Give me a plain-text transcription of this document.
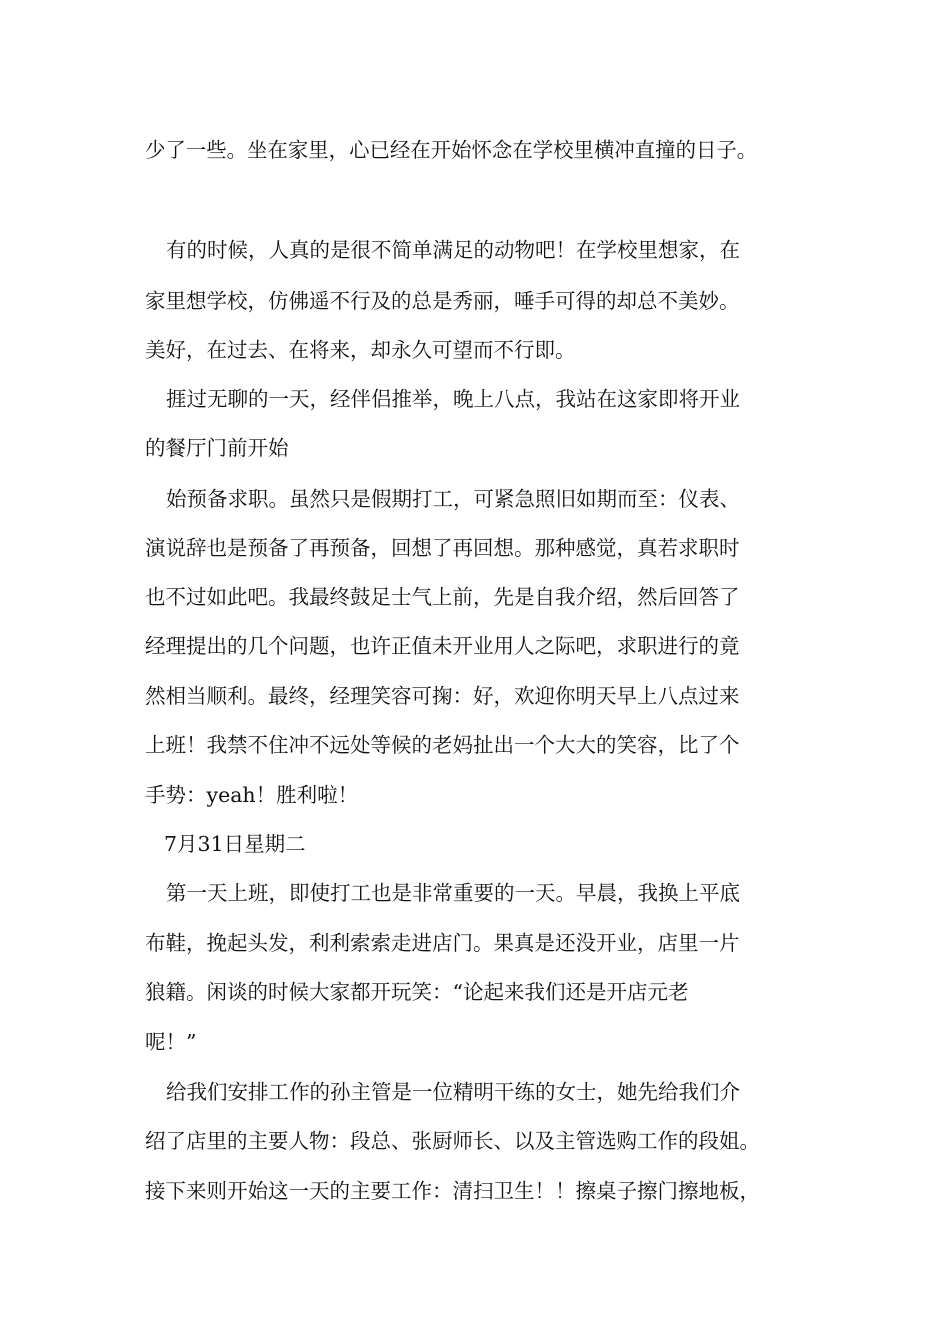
少了一些。坐在家里，心已经在开始怀念在学校里横冲直撞的日子。

有的时候，人真的是很不简单满足的动物吧！在学校里想家，在

家里想学校，仿佛遥不行及的总是秀丽，唾手可得的却总不美妙。

美好，在过去、在将来，却永久可望而不行即。

捱过无聊的一天，经伴侣推举，晚上八点，我站在这家即将开业

的餐厅门前开始

始预备求职。虽然只是假期打工，可紧急照旧如期而至：仪表、

演说辞也是预备了再预备，回想了再回想。那种感觉，真若求职时

也不过如此吧。我最终鼓足士气上前，先是自我介绍，然后回答了

经理提出的几个问题，也许正值未开业用人之际吧，求职进行的竟

然相当顺利。最终，经理笑容可掬：好，欢迎你明天早上八点过来

上班！我禁不住冲不远处等候的老妈扯出一个大大的笑容，比了个

手势：yeah！胜利啦！

7月31日星期二

第一天上班，即使打工也是非常重要的一天。早晨，我换上平底

布鞋，挽起头发，利利索索走进店门。果真是还没开业，店里一片

狼籍。闲谈的时候大家都开玩笑：“论起来我们还是开店元老

呢！”

给我们安排工作的孙主管是一位精明干练的女士，她先给我们介

绍了店里的主要人物：段总、张厨师长、以及主管选购工作的段姐。

接下来则开始这一天的主要工作：清扫卫生！！擦桌子擦门擦地板，
